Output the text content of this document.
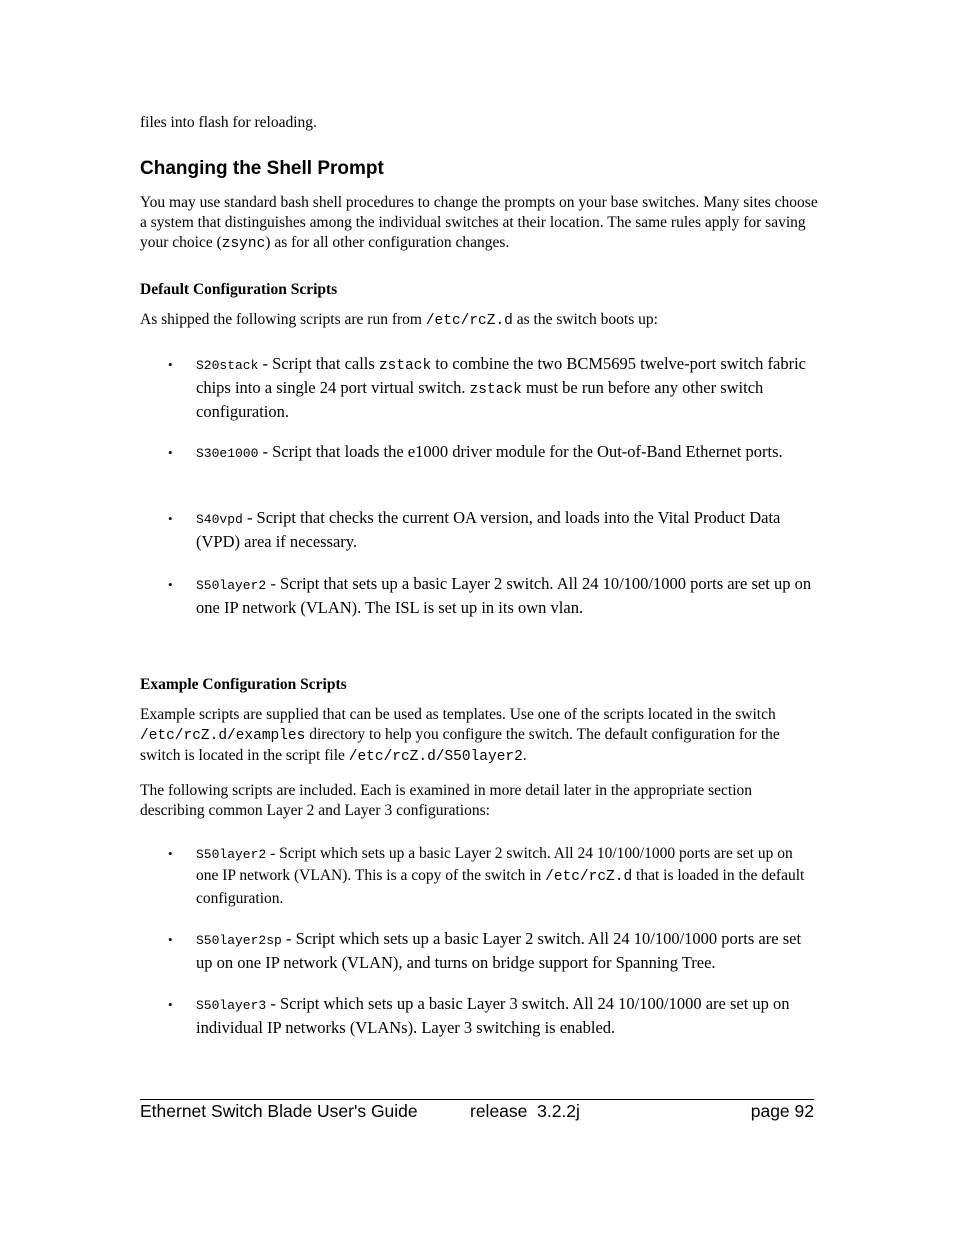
files into flash for reloading.
Changing the Shell Prompt
You may use standard bash shell procedures to change the prompts on your base switches. Many sites choose a system that distinguishes among the individual switches at their location. The same rules apply for saving your choice (zsync) as for all other configuration changes.
Default Configuration Scripts
As shipped the following scripts are run from /etc/rcZ.d as the switch boots up:
• S20stack - Script that calls zstack to combine the two BCM5695 twelve-port switch fabric chips into a single 24 port virtual switch. zstack must be run before any other switch configuration.
• S30e1000 - Script that loads the e1000 driver module for the Out-of-Band Ethernet ports.
• S40vpd - Script that checks the current OA version, and loads into the Vital Product Data (VPD) area if necessary.
• S50layer2 - Script that sets up a basic Layer 2 switch. All 24 10/100/1000 ports are set up on one IP network (VLAN). The ISL is set up in its own vlan.
Example Configuration Scripts
Example scripts are supplied that can be used as templates. Use one of the scripts located in the switch /etc/rcZ.d/examples directory to help you configure the switch. The default configuration for the switch is located in the script file /etc/rcZ.d/S50layer2.
The following scripts are included. Each is examined in more detail later in the appropriate section describing common Layer 2 and Layer 3 configurations:
• S50layer2 - Script which sets up a basic Layer 2 switch. All 24 10/100/1000 ports are set up on one IP network (VLAN). This is a copy of the switch in /etc/rcZ.d that is loaded in the default configuration.
• S50layer2sp - Script which sets up a basic Layer 2 switch. All 24 10/100/1000 ports are set up on one IP network (VLAN), and turns on bridge support for Spanning Tree.
• S50layer3 - Script which sets up a basic Layer 3 switch. All 24 10/100/1000 are set up on individual IP networks (VLANs). Layer 3 switching is enabled.
Ethernet Switch Blade User's Guide	release  3.2.2j	page 92
